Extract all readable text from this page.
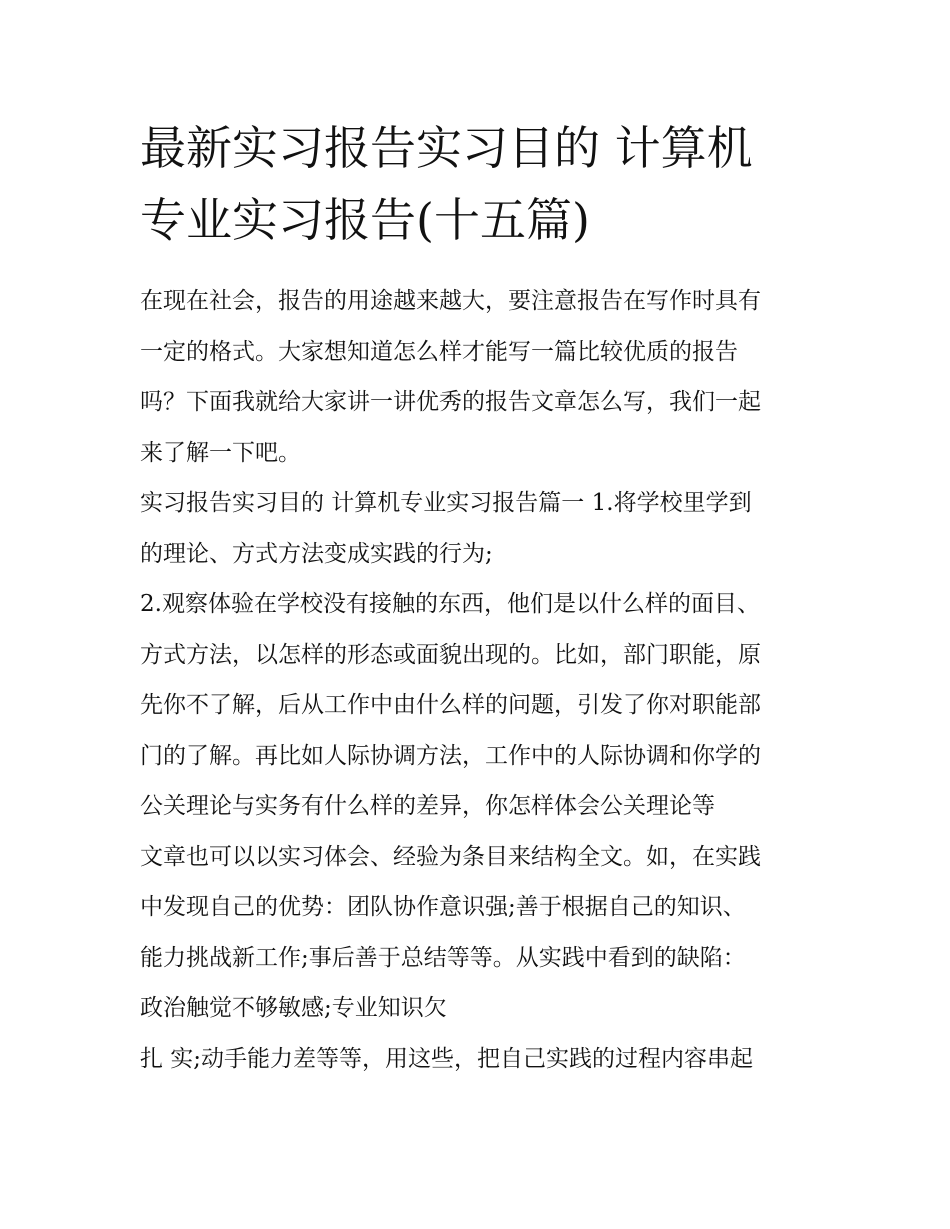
最新实习报告实习目的 计算机
专业实习报告(十五篇)
在现在社会，报告的用途越来越大，要注意报告在写作时具有
一定的格式。大家想知道怎么样才能写一篇比较优质的报告
吗？下面我就给大家讲一讲优秀的报告文章怎么写，我们一起
来了解一下吧。
实习报告实习目的 计算机专业实习报告篇一 1.将学校里学到
的理论、方式方法变成实践的行为;
2.观察体验在学校没有接触的东西，他们是以什么样的面目、
方式方法，以怎样的形态或面貌出现的。比如，部门职能，原
先你不了解，后从工作中由什么样的问题，引发了你对职能部
门的了解。再比如人际协调方法，工作中的人际协调和你学的
公关理论与实务有什么样的差异，你怎样体会公关理论等
文章也可以以实习体会、经验为条目来结构全文。如，在实践
中发现自己的优势：团队协作意识强;善于根据自己的知识、
能力挑战新工作;事后善于总结等等。从实践中看到的缺陷：
政治触觉不够敏感;专业知识欠
扎 实;动手能力差等等，用这些，把自己实践的过程内容串起
